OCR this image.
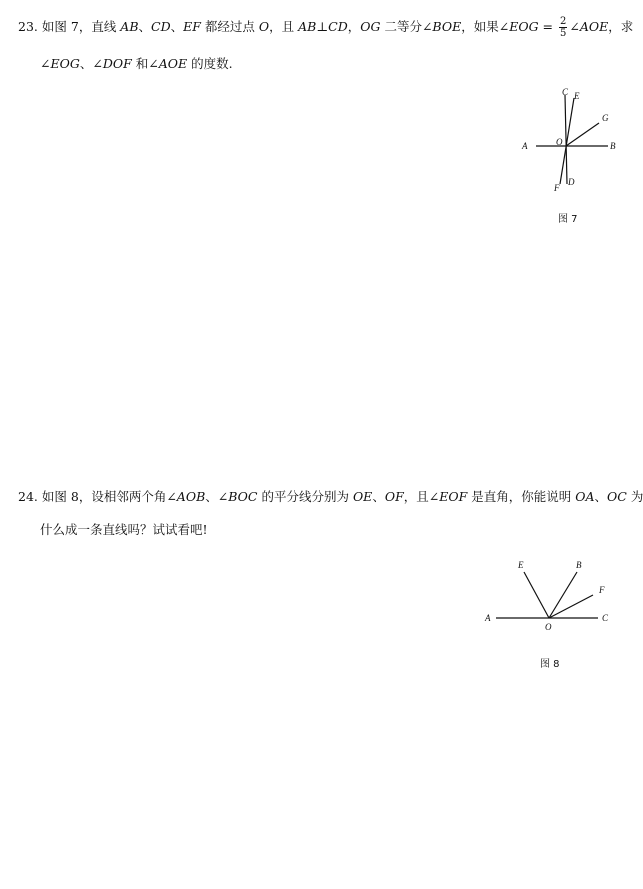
23. 如图 7，直线 AB、CD、EF 都经过点 O，且 AB⊥CD，OG 二等分∠BOE，如果∠EOG = $\frac{2}{5}$ ∠AOE，求
∠EOG、∠DOF 和∠AOE 的度数.
A	B
C E
G
O
F
D
图 7
24. 如图 8，设相邻两个角∠AOB、∠BOC 的平分线分别为 OE、OF，且∠EOF 是直角，你能说明 OA、OC 为
什么成一条直线吗？试试看吧!
A	C
E	B
F
O
图 8
